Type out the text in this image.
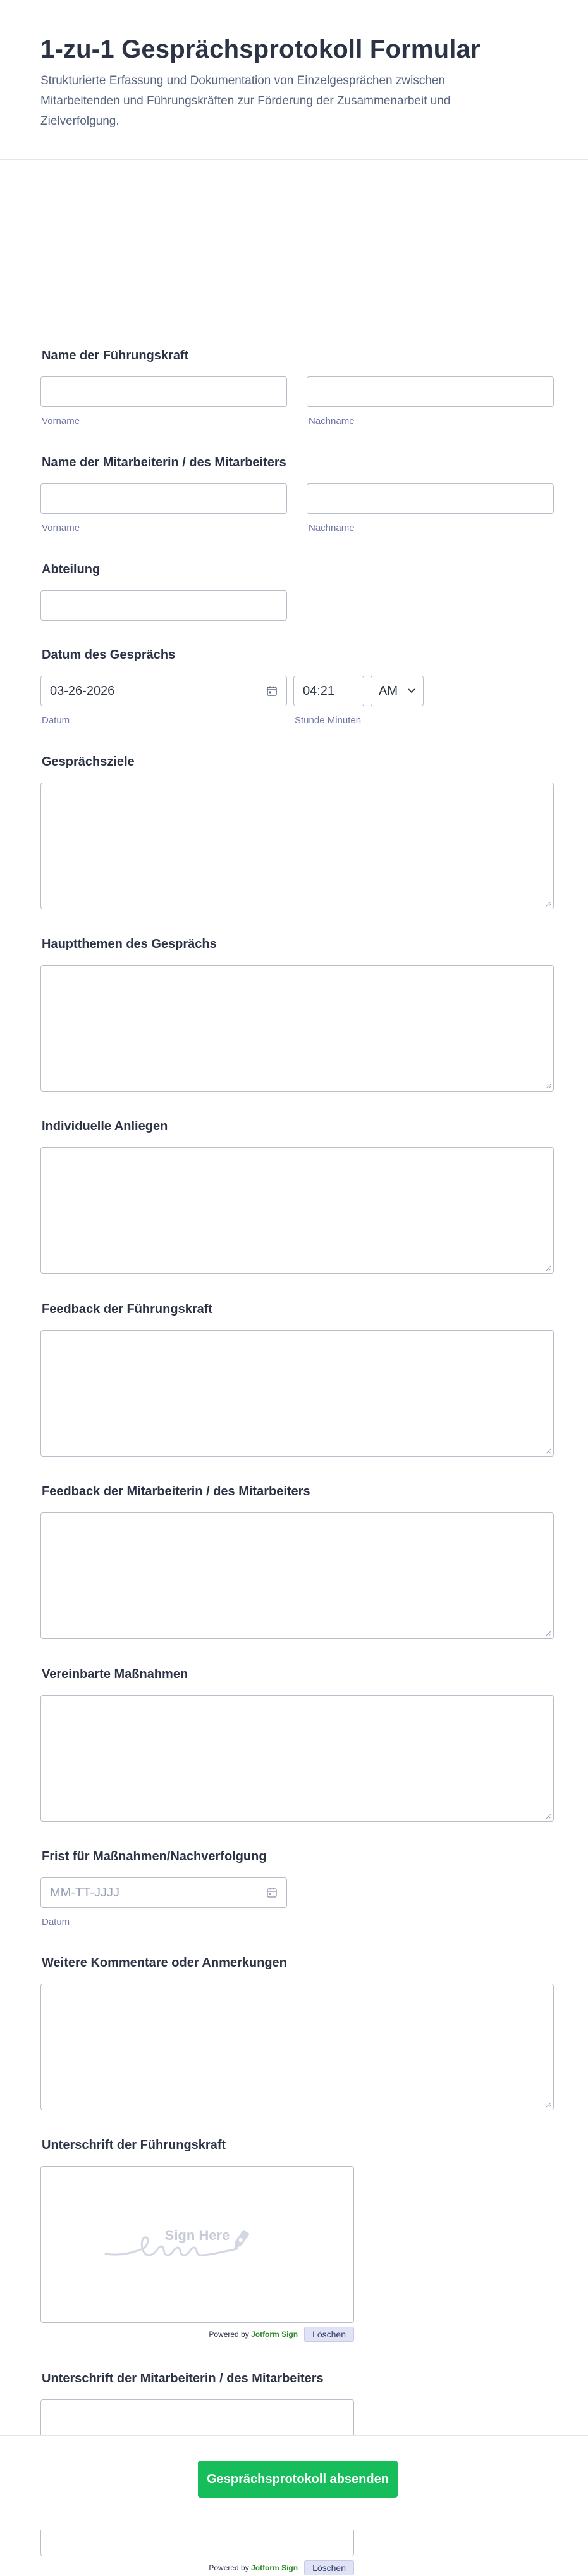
1-zu-1 Gesprächsprotokoll Formular

Strukturierte Erfassung und Dokumentation von Einzelgesprächen zwischen Mitarbeitenden und Führungskräften zur Förderung der Zusammenarbeit und Zielverfolgung.

Name der Führungskraft
Vorname	Nachname
Name der Mitarbeiterin / des Mitarbeiters
Vorname	Nachname
Abteilung
Datum des Gesprächs
03-26-2026	04:21	AM
Datum	Stunde Minuten
Gesprächsziele
Hauptthemen des Gesprächs
Individuelle Anliegen
Feedback der Führungskraft
Feedback der Mitarbeiterin / des Mitarbeiters
Vereinbarte Maßnahmen
Frist für Maßnahmen/Nachverfolgung
MM-TT-JJJJ
Datum
Weitere Kommentare oder Anmerkungen
Unterschrift der Führungskraft
Sign Here
Powered by Jotform Sign	Löschen
Unterschrift der Mitarbeiterin / des Mitarbeiters
Powered by Jotform Sign	Löschen
Gesprächsprotokoll absenden
